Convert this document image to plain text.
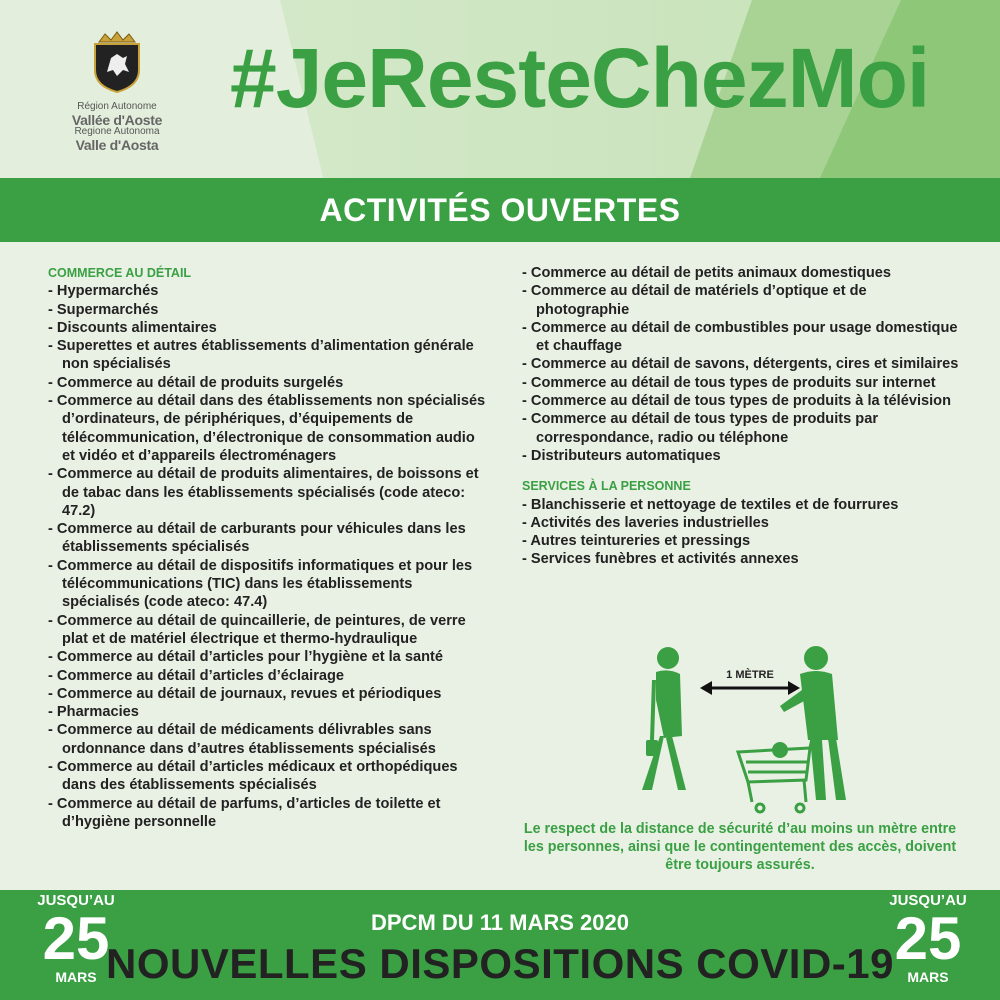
Région Autonome
Vallée d'Aoste
Regione Autonoma
Valle d'Aosta
#JeResteChezMoi
ACTIVITÉS OUVERTES
COMMERCE AU DÉTAIL
- Hypermarchés
- Supermarchés
- Discounts alimentaires
- Superettes et autres établissements d’alimentation générale non spécialisés
- Commerce au détail de produits surgelés
- Commerce au détail dans des établissements non spécialisés d’ordinateurs, de périphériques, d’équipements de télécommunication, d’électronique de consommation audio et vidéo et d’appareils électroménagers
- Commerce au détail de produits alimentaires, de boissons et de tabac dans les établissements spécialisés (code ateco: 47.2)
- Commerce au détail de carburants pour véhicules dans les établissements spécialisés
- Commerce au détail de dispositifs informatiques et pour les télécommunications (TIC) dans les établissements spécialisés (code ateco: 47.4)
- Commerce au détail de quincaillerie, de peintures, de verre plat et de matériel électrique et thermo-hydraulique
- Commerce au détail d’articles pour l’hygiène et la santé
- Commerce au détail d’articles d’éclairage
- Commerce au détail de journaux, revues et périodiques
- Pharmacies
- Commerce au détail de médicaments délivrables sans ordonnance dans d’autres établissements spécialisés
- Commerce au détail d’articles médicaux et orthopédiques dans des établissements spécialisés
- Commerce au détail de parfums, d’articles de toilette et d’hygiène personnelle
- Commerce au détail de petits animaux domestiques
- Commerce au détail de matériels d’optique et de photographie
- Commerce au détail de combustibles pour usage domestique et chauffage
- Commerce au détail de savons, détergents, cires et similaires
- Commerce au détail de tous types de produits sur internet
- Commerce au détail de tous types de produits à la télévision
- Commerce au détail de tous types de produits par correspondance, radio ou téléphone
- Distributeurs automatiques
SERVICES À LA PERSONNE
- Blanchisserie et nettoyage de textiles et de fourrures
- Activités des laveries industrielles
- Autres teintureries et pressings
- Services funèbres et activités annexes
1 MÈTRE
Le respect de la distance de sécurité d’au moins un mètre entre les personnes, ainsi que le contingentement des accès, doivent être toujours assurés.
JUSQU’AU
25
MARS
JUSQU’AU
25
MARS
DPCM DU 11 MARS 2020
NOUVELLES DISPOSITIONS COVID-19
